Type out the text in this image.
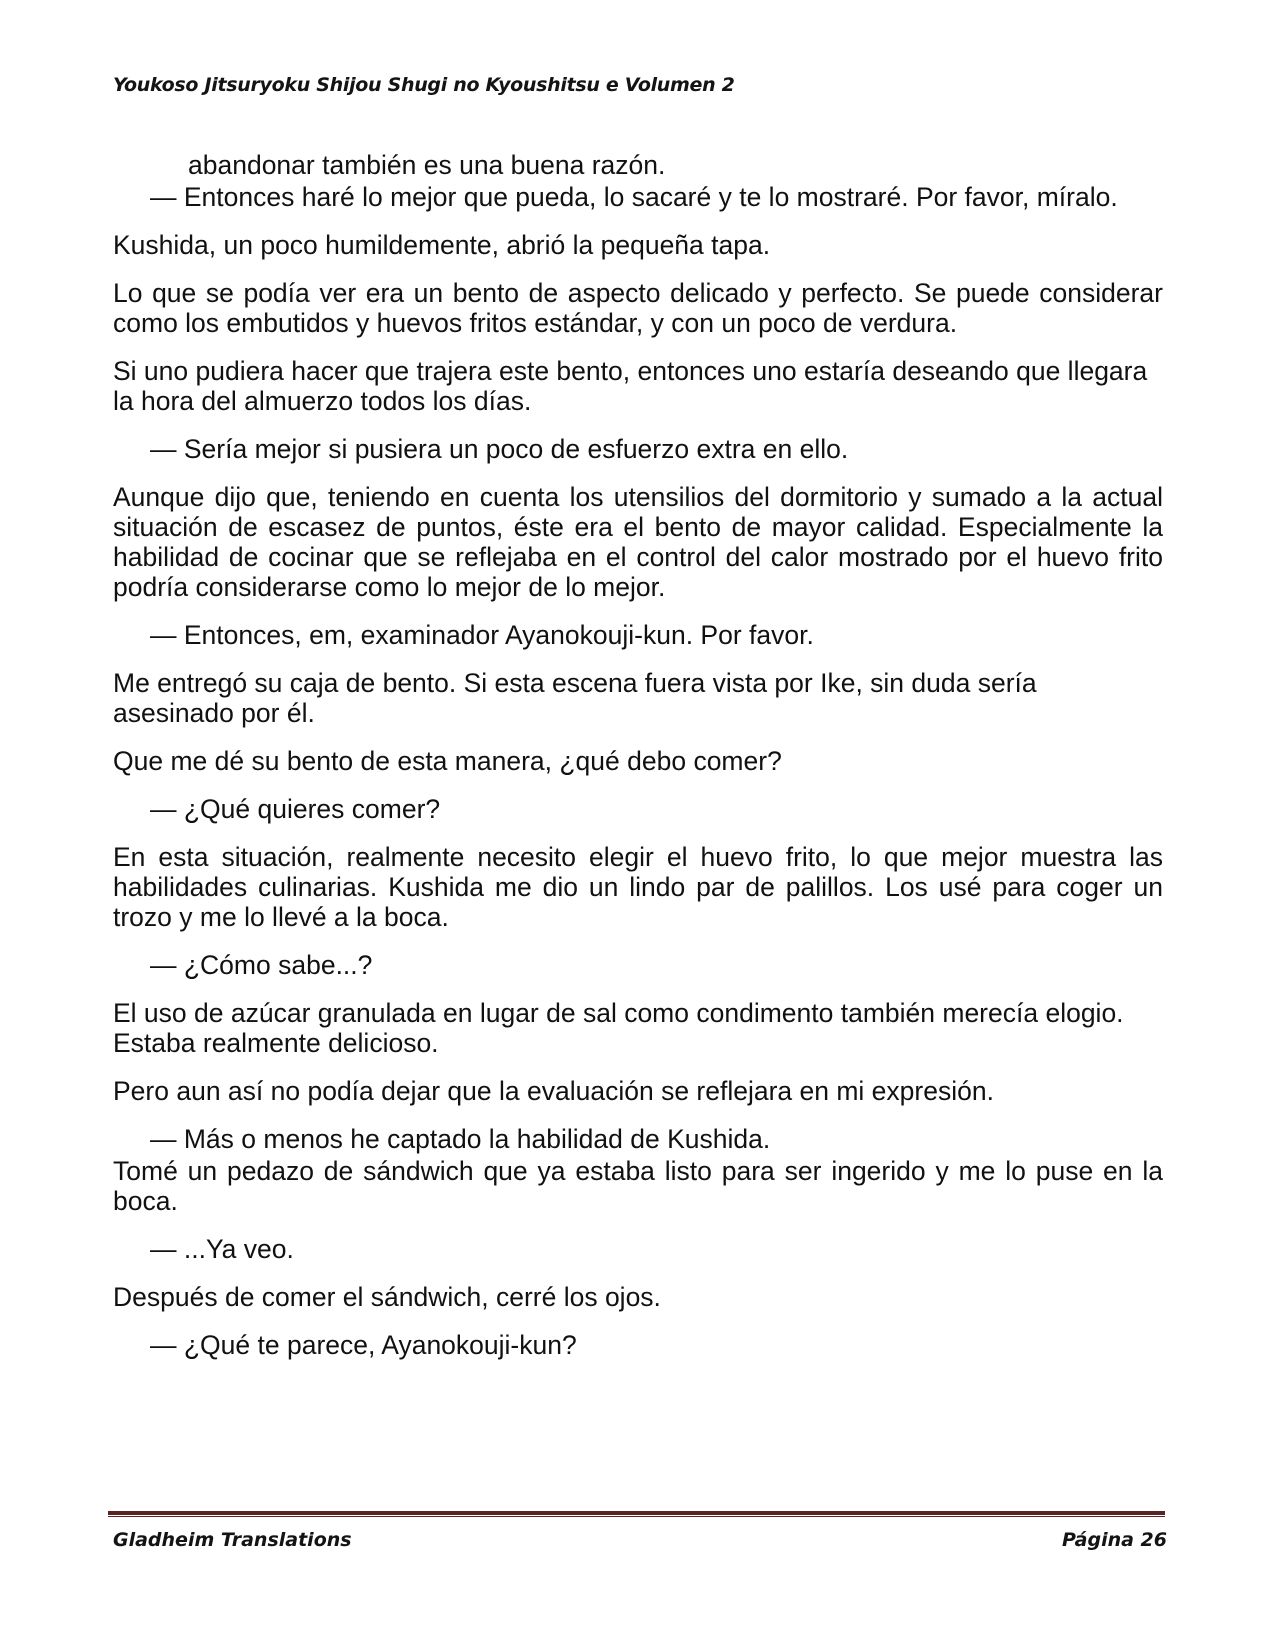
Youkoso Jitsuryoku Shijou Shugi no Kyoushitsu e Volumen 2

abandonar también es una buena razón.

— Entonces haré lo mejor que pueda, lo sacaré y te lo mostraré. Por favor, míralo.

Kushida, un poco humildemente, abrió la pequeña tapa.

Lo que se podía ver era un bento de aspecto delicado y perfecto. Se puede considerar como los embutidos y huevos fritos estándar, y con un poco de verdura.

Si uno pudiera hacer que trajera este bento, entonces uno estaría deseando que llegara la hora del almuerzo todos los días.

— Sería mejor si pusiera un poco de esfuerzo extra en ello.

Aunque dijo que, teniendo en cuenta los utensilios del dormitorio y sumado a la actual situación de escasez de puntos, éste era el bento de mayor calidad. Especialmente la habilidad de cocinar que se reflejaba en el control del calor mostrado por el huevo frito podría considerarse como lo mejor de lo mejor.

— Entonces, em, examinador Ayanokouji-kun. Por favor.

Me entregó su caja de bento. Si esta escena fuera vista por Ike, sin duda sería asesinado por él.

Que me dé su bento de esta manera, ¿qué debo comer?

— ¿Qué quieres comer?

En esta situación, realmente necesito elegir el huevo frito, lo que mejor muestra las habilidades culinarias. Kushida me dio un lindo par de palillos. Los usé para coger un trozo y me lo llevé a la boca.

— ¿Cómo sabe...?

El uso de azúcar granulada en lugar de sal como condimento también merecía elogio. Estaba realmente delicioso.

Pero aun así no podía dejar que la evaluación se reflejara en mi expresión.

— Más o menos he captado la habilidad de Kushida.

Tomé un pedazo de sándwich que ya estaba listo para ser ingerido y me lo puse en la boca.

— ...Ya veo.

Después de comer el sándwich, cerré los ojos.

— ¿Qué te parece, Ayanokouji-kun?

Gladheim Translations	Página 26
